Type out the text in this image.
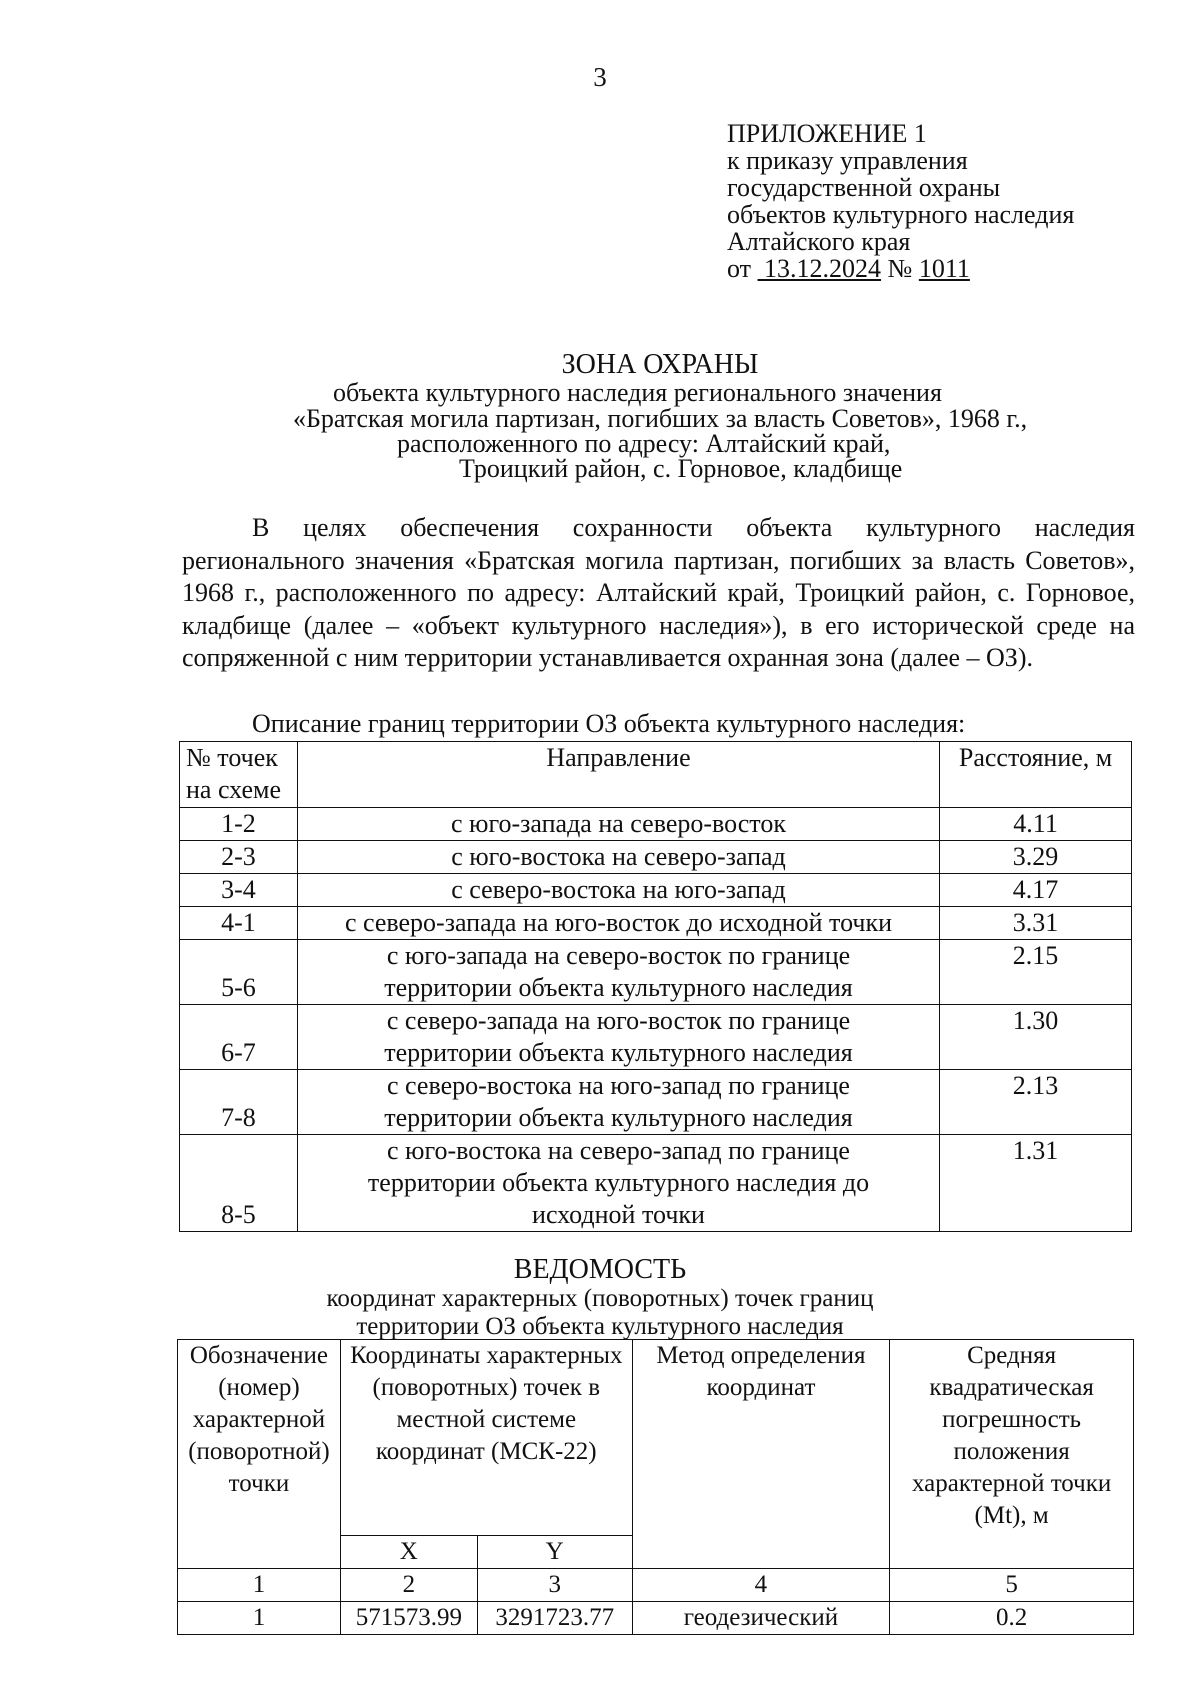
3
ПРИЛОЖЕНИЕ 1
к приказу управления
государственной охраны
объектов культурного наследия
Алтайского края
от 13.12.2024 № 1011
ЗОНА ОХРАНЫ
объекта культурного наследия регионального значения
«Братская могила партизан, погибших за власть Советов», 1968 г.,
расположенного по адресу: Алтайский край,
Троицкий район, с. Горновое, кладбище
В целях обеспечения сохранности объекта культурного наследия регионального значения «Братская могила партизан, погибших за власть Советов», 1968 г., расположенного по адресу: Алтайский край, Троицкий район, с. Горновое, кладбище (далее – «объект культурного наследия»), в его исторической среде на сопряженной с ним территории устанавливается охранная зона (далее – ОЗ).
Описание границ территории ОЗ объекта культурного наследия:
№ точек на схеме	Направление	Расстояние, м
1-2	с юго-запада на северо-восток	4.11
2-3	с юго-востока на северо-запад	3.29
3-4	с северо-востока на юго-запад	4.17
4-1	с северо-запада на юго-восток до исходной точки	3.31
5-6	с юго-запада на северо-восток по границе территории объекта культурного наследия	2.15
6-7	с северо-запада на юго-восток по границе территории объекта культурного наследия	1.30
7-8	с северо-востока на юго-запад по границе территории объекта культурного наследия	2.13
8-5	с юго-востока на северо-запад по границе территории объекта культурного наследия до исходной точки	1.31
ВЕДОМОСТЬ
координат характерных (поворотных) точек границ
территории ОЗ объекта культурного наследия
Обозначение (номер) характерной (поворотной) точки	Координаты характерных (поворотных) точек в местной системе координат (МСК-22)		Метод определения координат	Средняя квадратическая погрешность положения характерной точки (Mt), м
	X	Y		
1	2	3	4	5
1	571573.99	3291723.77	геодезический	0.2
